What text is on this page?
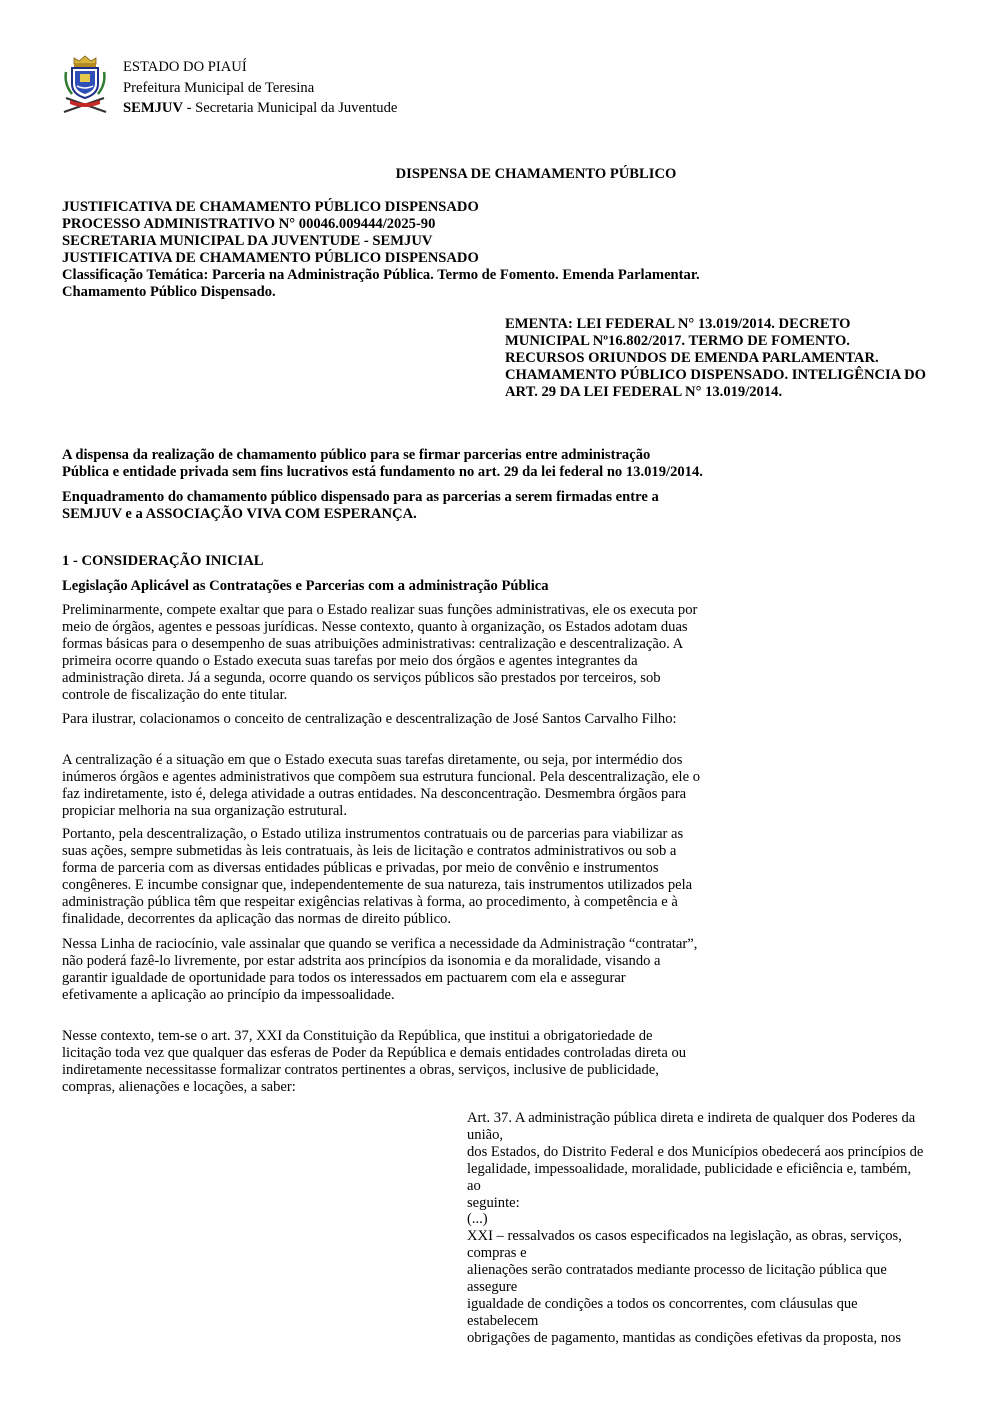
ESTADO DO PIAUÍ
Prefeitura Municipal de Teresina
SEMJUV - Secretaria Municipal da Juventude
DISPENSA DE CHAMAMENTO PÚBLICO
JUSTIFICATIVA DE CHAMAMENTO PÚBLICO DISPENSADO
PROCESSO ADMINISTRATIVO N° 00046.009444/2025-90
SECRETARIA MUNICIPAL DA JUVENTUDE - SEMJUV
JUSTIFICATIVA DE CHAMAMENTO PÚBLICO DISPENSADO
Classificação Temática: Parceria na Administração Pública. Termo de Fomento. Emenda Parlamentar.
Chamamento Público Dispensado.
EMENTA: LEI FEDERAL N° 13.019/2014. DECRETO
MUNICIPAL Nº16.802/2017. TERMO DE FOMENTO.
RECURSOS ORIUNDOS DE EMENDA PARLAMENTAR.
CHAMAMENTO PÚBLICO DISPENSADO. INTELIGÊNCIA DO
ART. 29 DA LEI FEDERAL N° 13.019/2014.
A dispensa da realização de chamamento público para se firmar parcerias entre administração
Pública e entidade privada sem fins lucrativos está fundamento no art. 29 da lei federal no 13.019/2014.
Enquadramento do chamamento público dispensado para as parcerias a serem firmadas entre a
SEMJUV e a ASSOCIAÇÃO VIVA COM ESPERANÇA.
1 - CONSIDERAÇÃO INICIAL
Legislação Aplicável as Contratações e Parcerias com a administração Pública
Preliminarmente, compete exaltar que para o Estado realizar suas funções administrativas, ele os executa por
meio de órgãos, agentes e pessoas jurídicas. Nesse contexto, quanto à organização, os Estados adotam duas
formas básicas para o desempenho de suas atribuições administrativas: centralização e descentralização. A
primeira ocorre quando o Estado executa suas tarefas por meio dos órgãos e agentes integrantes da
administração direta. Já a segunda, ocorre quando os serviços públicos são prestados por terceiros, sob
controle de fiscalização do ente titular.
Para ilustrar, colacionamos o conceito de centralização e descentralização de José Santos Carvalho Filho:
A centralização é a situação em que o Estado executa suas tarefas diretamente, ou seja, por intermédio dos
inúmeros órgãos e agentes administrativos que compõem sua estrutura funcional. Pela descentralização, ele o
faz indiretamente, isto é, delega atividade a outras entidades. Na desconcentração. Desmembra órgãos para
propiciar melhoria na sua organização estrutural.
Portanto, pela descentralização, o Estado utiliza instrumentos contratuais ou de parcerias para viabilizar as
suas ações, sempre submetidas às leis contratuais, às leis de licitação e contratos administrativos ou sob a
forma de parceria com as diversas entidades públicas e privadas, por meio de convênio e instrumentos
congêneres. E incumbe consignar que, independentemente de sua natureza, tais instrumentos utilizados pela
administração pública têm que respeitar exigências relativas à forma, ao procedimento, à competência e à
finalidade, decorrentes da aplicação das normas de direito público.
Nessa Linha de raciocínio, vale assinalar que quando se verifica a necessidade da Administração “contratar”,
não poderá fazê-lo livremente, por estar adstrita aos princípios da isonomia e da moralidade, visando a
garantir igualdade de oportunidade para todos os interessados em pactuarem com ela e assegurar
efetivamente a aplicação ao princípio da impessoalidade.
Nesse contexto, tem-se o art. 37, XXI da Constituição da República, que institui a obrigatoriedade de
licitação toda vez que qualquer das esferas de Poder da República e demais entidades controladas direta ou
indiretamente necessitasse formalizar contratos pertinentes a obras, serviços, inclusive de publicidade,
compras, alienações e locações, a saber:
Art. 37. A administração pública direta e indireta de qualquer dos Poderes da
união,
dos Estados, do Distrito Federal e dos Municípios obedecerá aos princípios de
legalidade, impessoalidade, moralidade, publicidade e eficiência e, também,
ao
seguinte:
(...)
XXI – ressalvados os casos especificados na legislação, as obras, serviços,
compras e
alienações serão contratados mediante processo de licitação pública que
assegure
igualdade de condições a todos os concorrentes, com cláusulas que
estabelecem
obrigações de pagamento, mantidas as condições efetivas da proposta, nos
